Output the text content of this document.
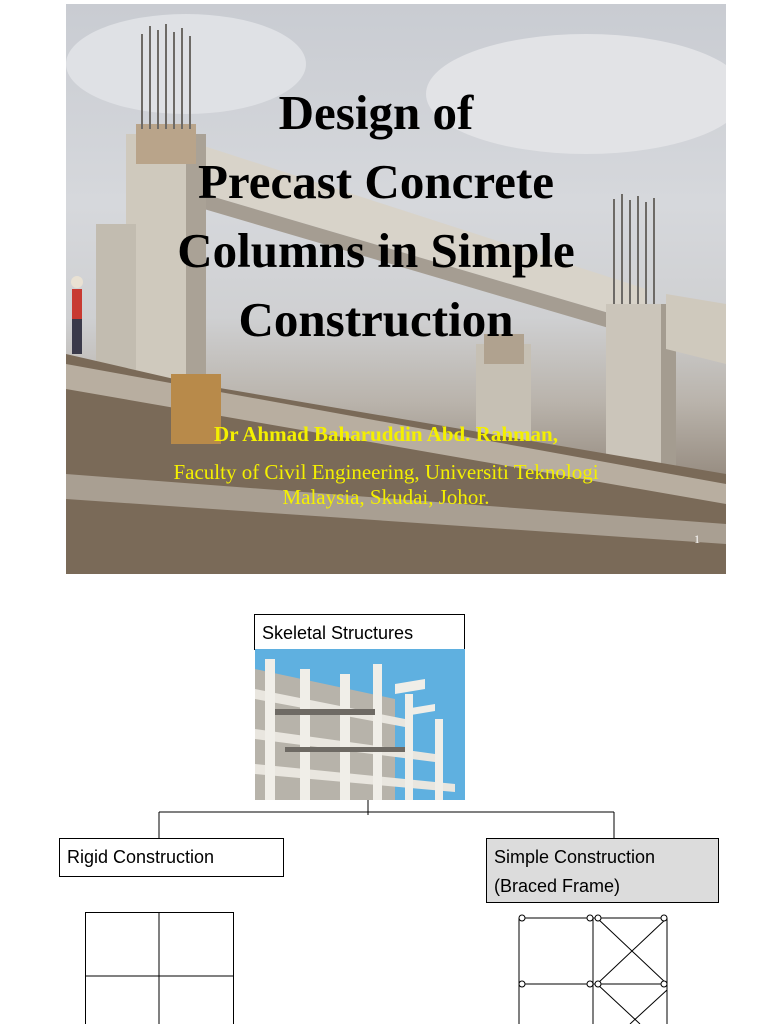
Design of
Precast Concrete
Columns in Simple
Construction
Dr Ahmad Baharuddin Abd. Rahman,
Faculty of Civil Engineering, Universiti Teknologi
Malaysia, Skudai, Johor.
1
Skeletal Structures
Rigid Construction	Simple Construction
(Braced Frame)
